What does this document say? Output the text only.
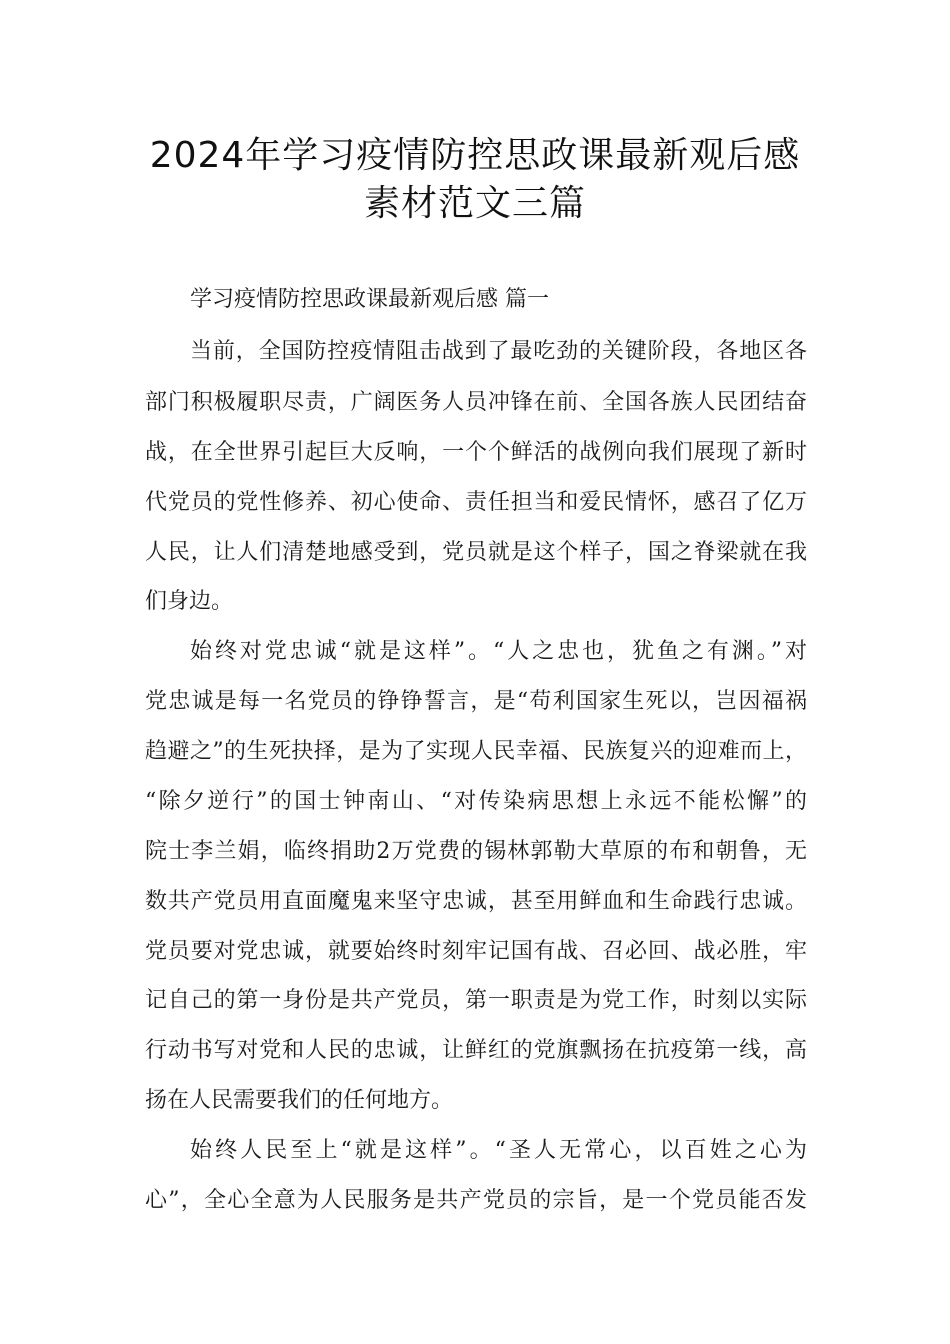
2024年学习疫情防控思政课最新观后感
素材范文三篇
学习疫情防控思政课最新观后感 篇一
当前，全国防控疫情阻击战到了最吃劲的关键阶段，各地区各
部门积极履职尽责，广阔医务人员冲锋在前、全国各族人民团结奋
战，在全世界引起巨大反响，一个个鲜活的战例向我们展现了新时
代党员的党性修养、初心使命、责任担当和爱民情怀，感召了亿万
人民，让人们清楚地感受到，党员就是这个样子，国之脊梁就在我
们身边。
始终对党忠诚“就是这样”。“人之忠也，犹鱼之有渊。”对
党忠诚是每一名党员的铮铮誓言，是“苟利国家生死以，岂因福祸
趋避之”的生死抉择，是为了实现人民幸福、民族复兴的迎难而上，
“除夕逆行”的国士钟南山、“对传染病思想上永远不能松懈”的
院士李兰娟，临终捐助2万党费的锡林郭勒大草原的布和朝鲁，无
数共产党员用直面魔鬼来坚守忠诚，甚至用鲜血和生命践行忠诚。
党员要对党忠诚，就要始终时刻牢记国有战、召必回、战必胜，牢
记自己的第一身份是共产党员，第一职责是为党工作，时刻以实际
行动书写对党和人民的忠诚，让鲜红的党旗飘扬在抗疫第一线，高
扬在人民需要我们的任何地方。
始终人民至上“就是这样”。“圣人无常心，以百姓之心为
心”，全心全意为人民服务是共产党员的宗旨，是一个党员能否发
